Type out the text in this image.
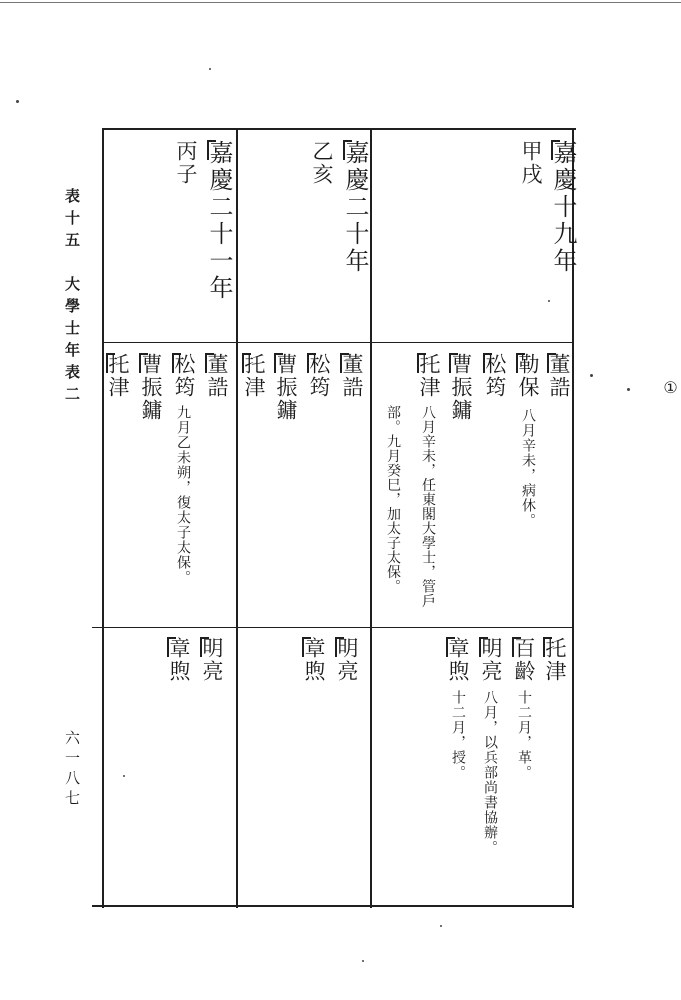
表十五　大學士年表二
六一八七
①
嘉慶十九年
甲戌
董誥
勒保
八月辛未，病休。
松筠
曹振鏞
托津
八月辛未，任東閣大學士，管戶
部。九月癸巳，加太子太保。
托津
百齡
十二月，革。
明亮
八月，以兵部尚書協辦。
章煦
十二月，授。
嘉慶二十年
乙亥
董誥
松筠
曹振鏞
托津
明亮
章煦
嘉慶二十一年
丙子
董誥
松筠
九月乙未朔，復太子太保。
曹振鏞
托津
明亮
章煦
